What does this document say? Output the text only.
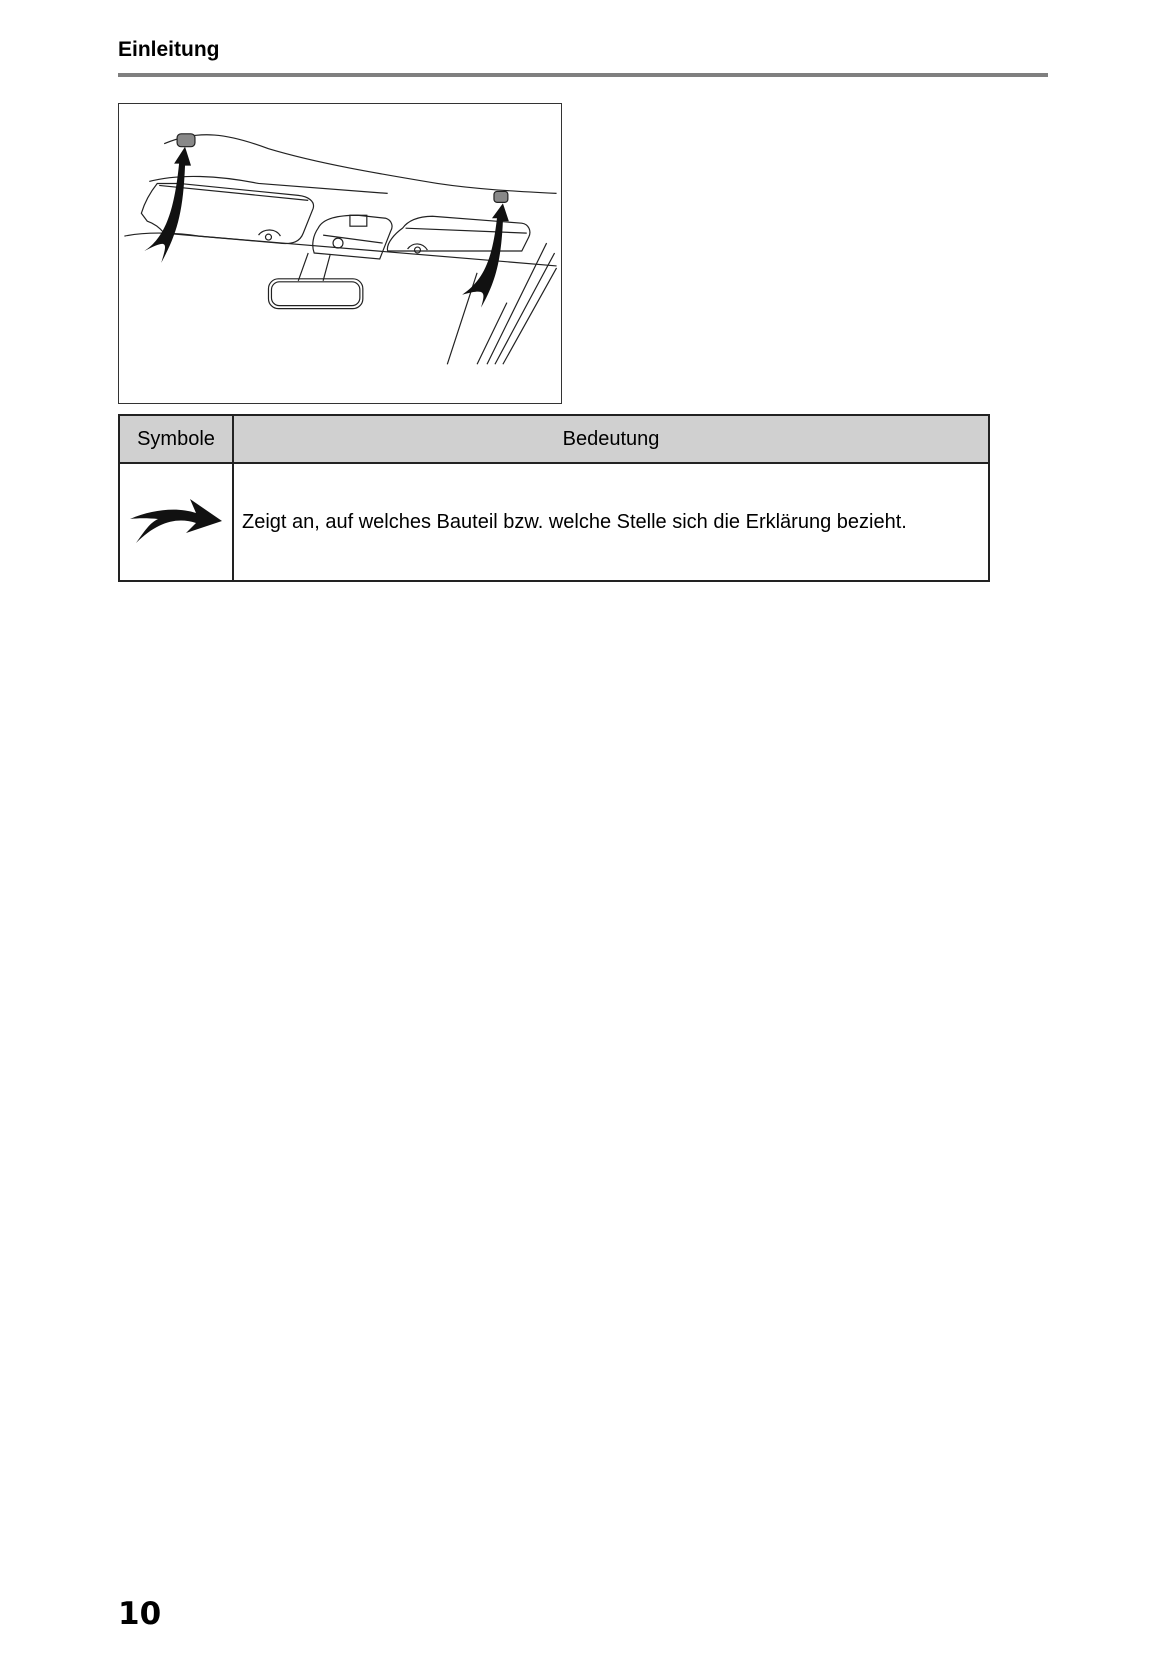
Einleitung
Symbole	Bedeutung
	Zeigt an, auf welches Bauteil bzw. welche Stelle sich die Erklärung bezieht.
10
